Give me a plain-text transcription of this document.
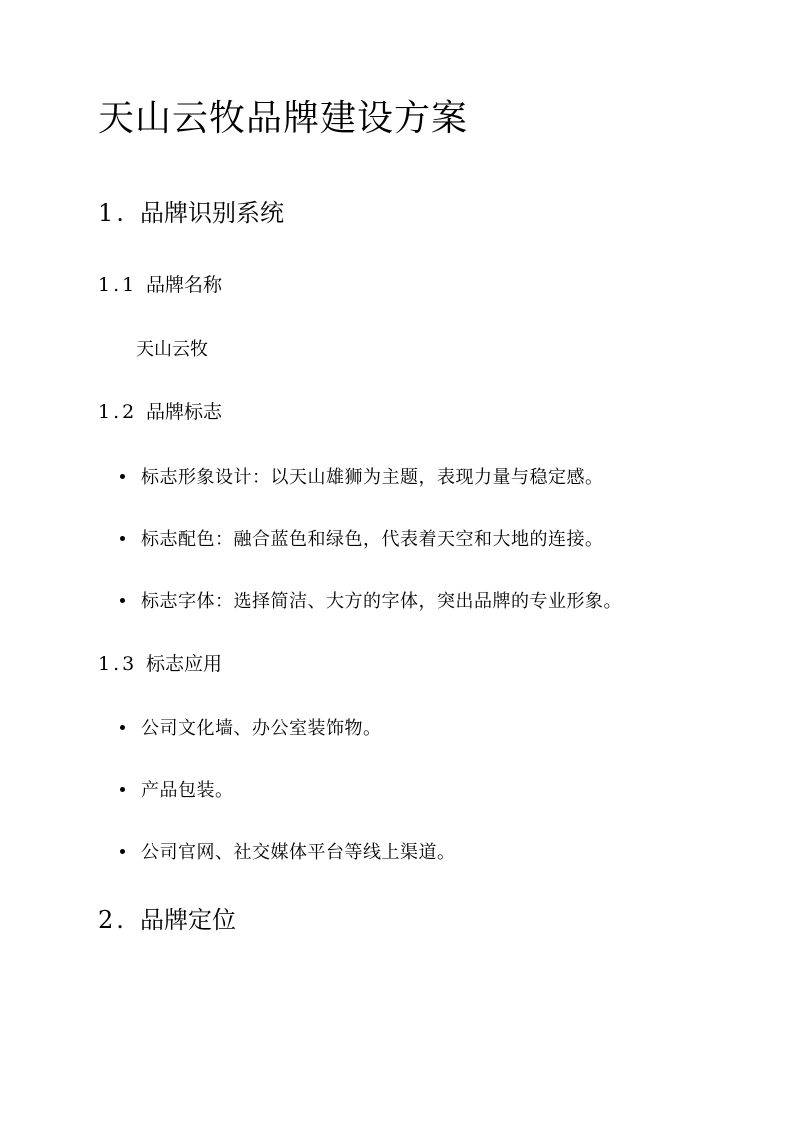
天山云牧品牌建设方案
1. 品牌识别系统
1.1 品牌名称
天山云牧
1.2 品牌标志
标志形象设计：以天山雄狮为主题，表现力量与稳定感。
标志配色：融合蓝色和绿色，代表着天空和大地的连接。
标志字体：选择简洁、大方的字体，突出品牌的专业形象。
1.3 标志应用
公司文化墙、办公室装饰物。
产品包装。
公司官网、社交媒体平台等线上渠道。
2. 品牌定位
